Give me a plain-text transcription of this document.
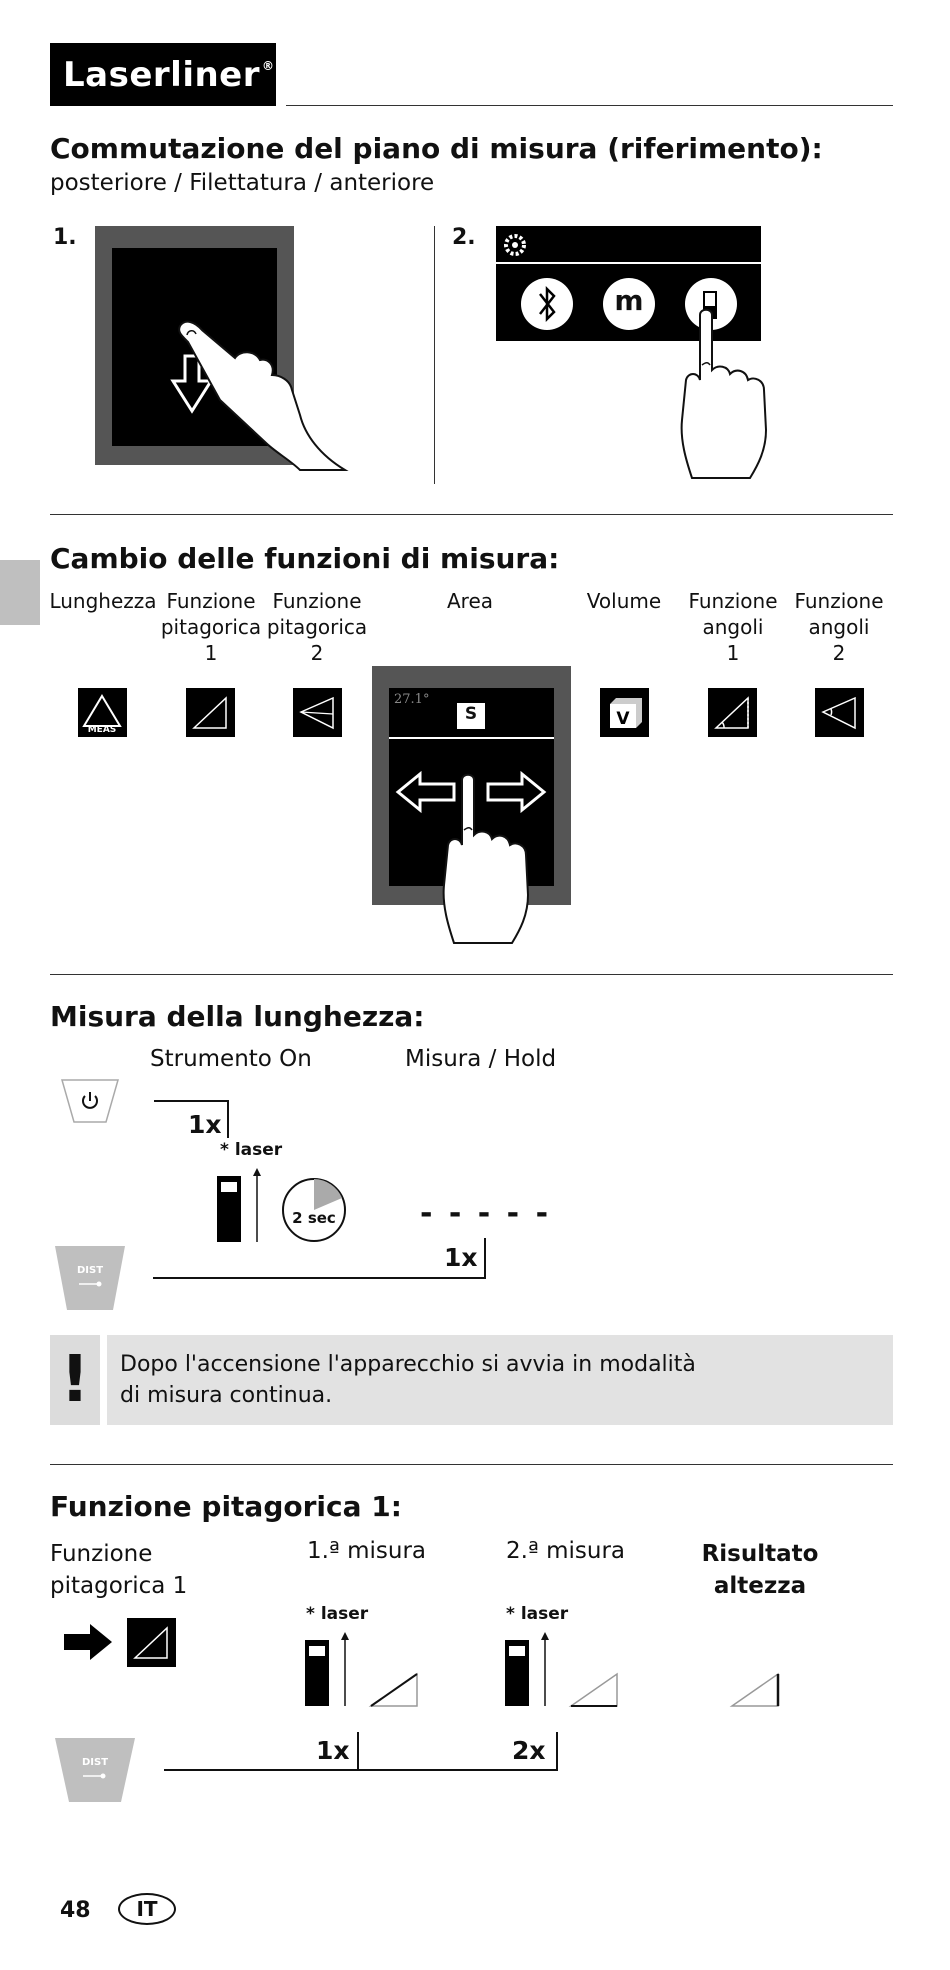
Laserliner®
Commutazione del piano di misura (riferimento):
posteriore / Filettatura / anteriore
1.	2.
m
Cambio delle funzioni di misura:
Lunghezza Funzione
pitagorica
1
Funzione
pitagorica
2
Area	Volume	Funzione
angoli
1
Funzione
angoli
2
MEAS
V
27.1°
S
Misura della lunghezza:
Strumento On	Misura / Hold
DIST
1x
* laser
2 sec	- - - - -
1x
!	Dopo l'accensione l'apparecchio si avvia in modalità
di misura continua.
Funzione pitagorica 1:
Funzione
pitagorica 1
1.ª misura	2.ª misura	Risultato
altezza
DIST
* laser	* laser
1x	2x
48	IT
